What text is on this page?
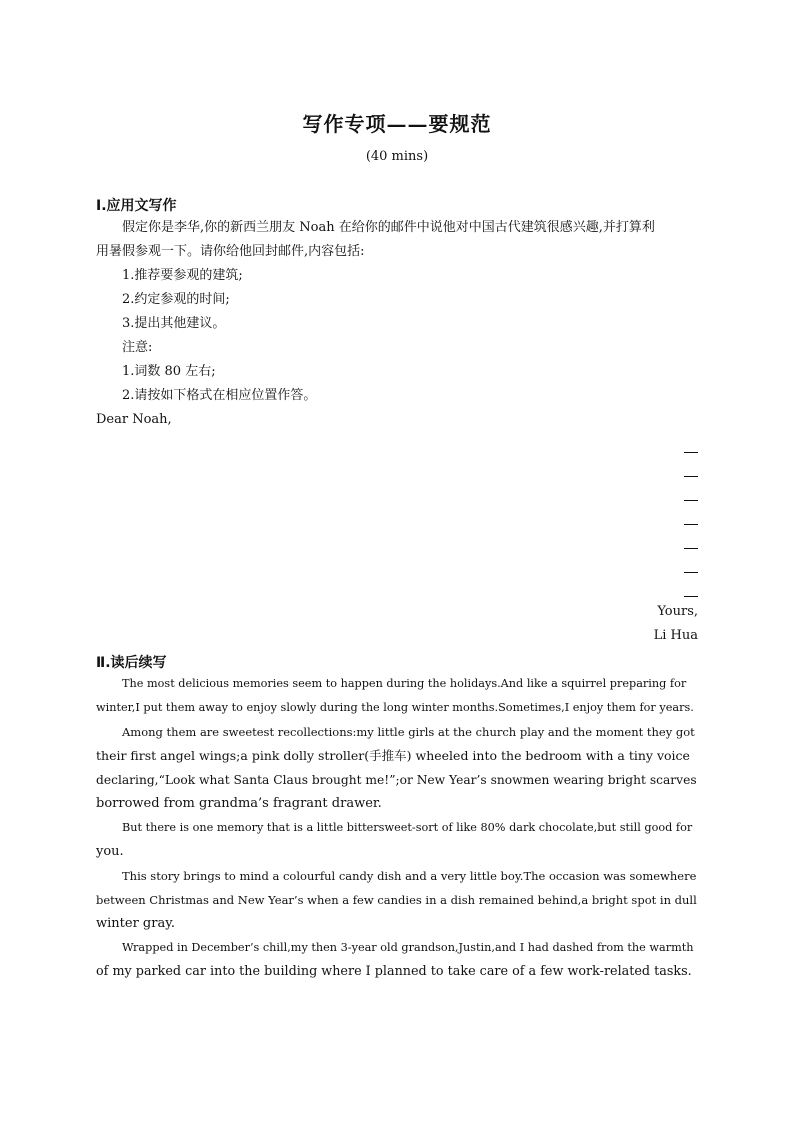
写作专项——要规范
(40 mins)
Ⅰ.应用文写作

假定你是李华,你的新西兰朋友 Noah 在给你的邮件中说他对中国古代建筑很感兴趣,并打算利

用暑假参观一下。请你给他回封邮件,内容包括:

1.推荐要参观的建筑;

2.约定参观的时间;

3.提出其他建议。

注意:

1.词数 80 左右;

2.请按如下格式在相应位置作答。

Dear Noah,

Yours,

Li Hua

Ⅱ.读后续写

The most delicious memories seem to happen during the holidays.And like a squirrel preparing for

winter,I put them away to enjoy slowly during the long winter months.Sometimes,I enjoy them for years.

Among them are sweetest recollections:my little girls at the church play and the moment they got

their first angel wings;a pink dolly stroller(手推车) wheeled into the bedroom with a tiny voice

declaring,“Look what Santa Claus brought me!”;or New Year’s snowmen wearing bright scarves

borrowed from grandma’s fragrant drawer.

But there is one memory that is a little bittersweet-sort of like 80% dark chocolate,but still good for

you.

This story brings to mind a colourful candy dish and a very little boy.The occasion was somewhere

between Christmas and New Year’s when a few candies in a dish remained behind,a bright spot in dull

winter gray.

Wrapped in December’s chill,my then 3-year old grandson,Justin,and I had dashed from the warmth

of my parked car into the building where I planned to take care of a few work-related tasks.
